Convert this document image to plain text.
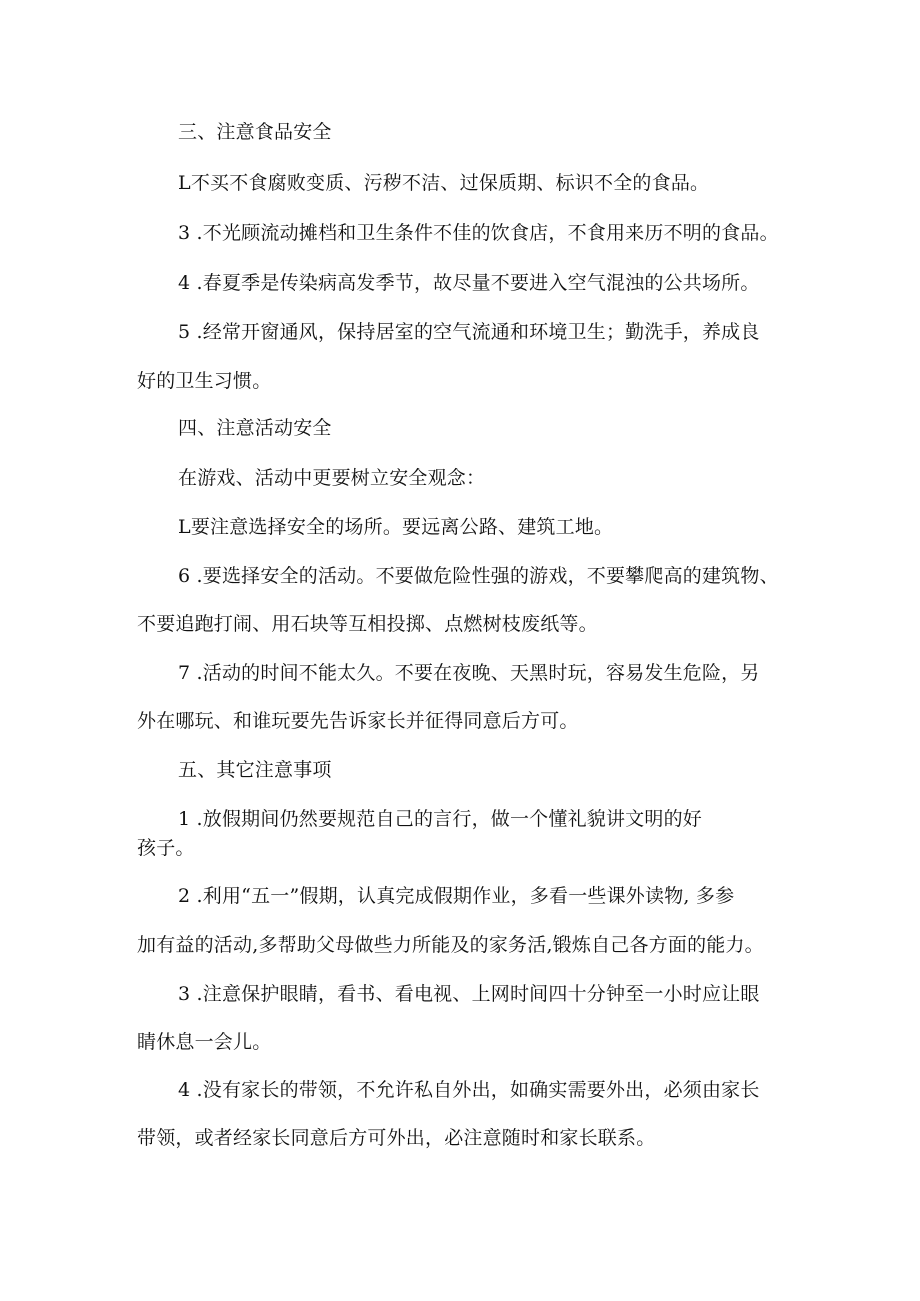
三、注意食品安全
L不买不食腐败变质、污秽不洁、过保质期、标识不全的食品。
3 .不光顾流动摊档和卫生条件不佳的饮食店，不食用来历不明的食品。
4 .春夏季是传染病高发季节，故尽量不要进入空气混浊的公共场所。
5 .经常开窗通风，保持居室的空气流通和环境卫生；勤洗手，养成良
好的卫生习惯。
四、注意活动安全
在游戏、活动中更要树立安全观念：
L要注意选择安全的场所。要远离公路、建筑工地。
6 .要选择安全的活动。不要做危险性强的游戏，不要攀爬高的建筑物、
不要追跑打闹、用石块等互相投掷、点燃树枝废纸等。
7 .活动的时间不能太久。不要在夜晚、天黑时玩，容易发生危险，另
外在哪玩、和谁玩要先告诉家长并征得同意后方可。
五、其它注意事项
1 .放假期间仍然要规范自己的言行，做一个懂礼貌讲文明的好
孩子。
2 .利用“五一”假期，认真完成假期作业，多看一些课外读物, 多参
加有益的活动,多帮助父母做些力所能及的家务活,锻炼自己各方面的能力。
3 .注意保护眼睛，看书、看电视、上网时间四十分钟至一小时应让眼
睛休息一会儿。
4 .没有家长的带领，不允许私自外出，如确实需要外出，必须由家长
带领，或者经家长同意后方可外出，必注意随时和家长联系。
